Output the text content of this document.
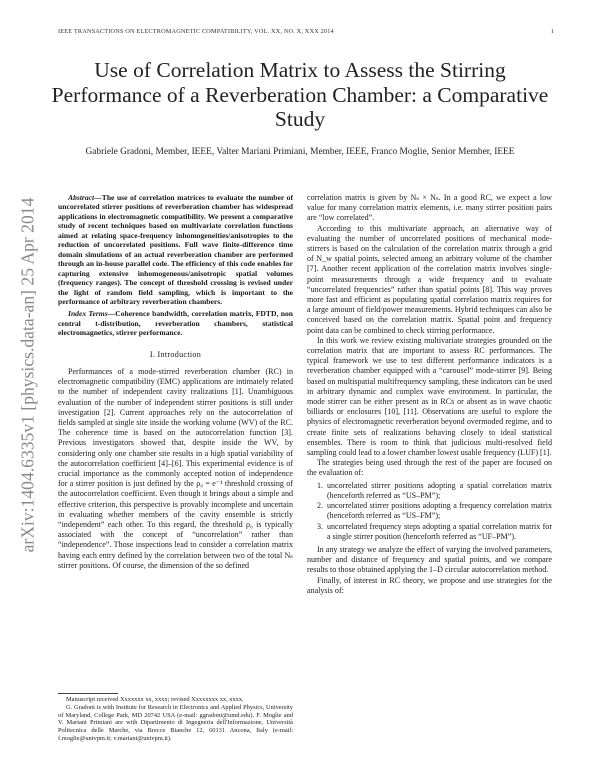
IEEE TRANSACTIONS ON ELECTROMAGNETIC COMPATIBILITY, VOL. XX, NO. X, XXX 2014	1
Use of Correlation Matrix to Assess the Stirring Performance of a Reverberation Chamber: a Comparative Study
Gabriele Gradoni, Member, IEEE, Valter Mariani Primiani, Member, IEEE, Franco Moglie, Senior Member, IEEE
arXiv:1404.6335v1 [physics.data-an] 25 Apr 2014

Abstract—The use of correlation matrices to evaluate the number of uncorrelated stirrer positions of reverberation chamber has widespread applications in electromagnetic compatibility. We present a comparative study of recent techniques based on multivariate correlation functions aimed at relating space-frequency inhomogeneities/anisotropies to the reduction of uncorrelated positions. Full wave finite-difference time domain simulations of an actual reverberation chamber are performed through an in-house parallel code. The efficiency of this code enables for capturing extensive inhomogeneous/anisotropic spatial volumes (frequency ranges). The concept of threshold crossing is revised under the light of random field sampling, which is important to the performance of arbitrary reverberation chambers.

Index Terms—Coherence bandwidth, correlation matrix, FDTD, non central t-distribution, reverberation chambers, statistical electromagnetics, stirrer performance.

I. Introduction

Performances of a mode-stirred reverberation chamber (RC) in electromagnetic compatibility (EMC) applications are intimately related to the number of independent cavity realizations [1]. Unambiguous evaluation of the number of independent stirrer positions is still under investigation [2]. Current approaches rely on the autocorrelation of fields sampled at single site inside the working volume (WV) of the RC. The coherence time is based on the autocorrelation function [3]. Previous investigators showed that, despite inside the WV, by considering only one chamber site results in a high spatial variability of the autocorrelation coefficient [4]–[6]. This experimental evidence is of crucial importance as the commonly accepted notion of independence for a stirrer position is just defined by the ρ₀ = e⁻¹ threshold crossing of the autocorrelation coefficient. Even though it brings about a simple and effective criterion, this perspective is provably incomplete and uncertain in evaluating whether members of the cavity ensemble is strictly “independent” each other. To this regard, the threshold ρ₀ is typically associated with the concept of “uncorrelation” rather than “independence”. Those inspections lead to consider a correlation matrix having each entry defined by the correlation between two of the total Nₛ stirrer positions. Of course, the dimension of the so defined

correlation matrix is given by Nₛ × Nₛ. In a good RC, we expect a low value for many correlation matrix elements, i.e. many stirrer position pairs are “low correlated”.

According to this multivariate approach, an alternative way of evaluating the number of uncorrelated positions of mechanical mode-stirrers is based on the calculation of the correlation matrix through a grid of N_w spatial points, selected among an arbitrary volume of the chamber [7]. Another recent application of the correlation matrix involves single-point measurements through a wide frequency and to evaluate “uncorrelated frequencies” rather than spatial points [8]. This way proves more fast and efficient as populating spatial correlation matrix requires for a large amount of field/power measurements. Hybrid techniques can also be conceived based on the correlation matrix. Spatial point and frequency point data can be combined to check stirring performance.

In this work we review existing multivariate strategies grounded on the correlation matrix that are important to assess RC performances. The typical framework we use to test different performance indicators is a reverberation chamber equipped with a “carousel” mode-stirrer [9]. Being based on multispatial multifrequency sampling, these indicators can be used in arbitrary dynamic and complex wave environment. In particular, the mode stirrer can be either present as in RCs or absent as in wave chaotic billiards or enclosures [10], [11]. Observations are useful to explore the physics of electromagnetic reverberation beyond overmoded regime, and to create finite sets of realizations behaving closely to ideal statistical ensembles. There is room to think that judicious multi-resolved field sampling could lead to a lower chamber lowest usable frequency (LUF) [1].

The strategies being used through the rest of the paper are focused on the evaluation of:

1. uncorrelated stirrer positions adopting a spatial correlation matrix (henceforth referred as “US–PM”);
2. uncorrelated stirrer positions adopting a frequency correlation matrix (henceforth referred as “US–FM”);
3. uncorrelated frequency steps adopting a spatial correlation matrix for a single stirrer position (henceforth referred as “UF–PM”).

In any strategy we analyze the effect of varying the involved parameters, number and distance of frequency and spatial points, and we compare results to those obtained applying the 1–D circular autocorrelation method.

Finally, of interest in RC theory, we propose and use strategies for the analysis of:

Manuscript received Xxxxxxx xx, xxxx; revised Xxxxxxxx xx, xxxx.

G. Gradoni is with Institute for Research in Electronics and Applied Physics, University of Maryland, College Park, MD 20742 USA (e-mail: ggradoni@umd.edu). F. Moglie and V. Mariani Primiani are with Dipartimento di Ingegneria dell'Informazione, Università Politecnica delle Marche, via Brecce Bianche 12, 60131 Ancona, Italy (e-mail: f.moglie@univpm.it; v.mariani@univpm.it).
